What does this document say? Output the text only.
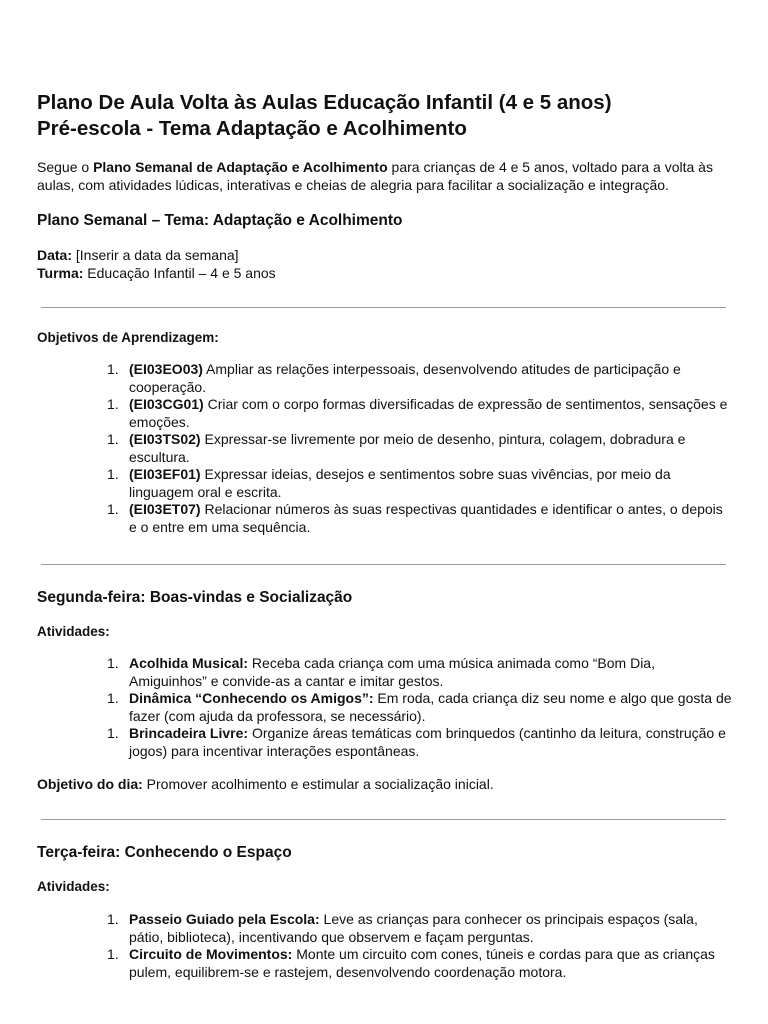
Plano De Aula Volta às Aulas Educação Infantil (4 e 5 anos)
Pré-escola - Tema Adaptação e Acolhimento

Segue o Plano Semanal de Adaptação e Acolhimento para crianças de 4 e 5 anos, voltado para a volta às aulas, com atividades lúdicas, interativas e cheias de alegria para facilitar a socialização e integração.

Plano Semanal – Tema: Adaptação e Acolhimento

Data: [Inserir a data da semana]

Turma: Educação Infantil – 4 e 5 anos

Objetivos de Aprendizagem:

1. (EI03EO03) Ampliar as relações interpessoais, desenvolvendo atitudes de participação e cooperação.
1. (EI03CG01) Criar com o corpo formas diversificadas de expressão de sentimentos, sensações e emoções.
1. (EI03TS02) Expressar-se livremente por meio de desenho, pintura, colagem, dobradura e escultura.
1. (EI03EF01) Expressar ideias, desejos e sentimentos sobre suas vivências, por meio da linguagem oral e escrita.
1. (EI03ET07) Relacionar números às suas respectivas quantidades e identificar o antes, o depois e o entre em uma sequência.
Segunda-feira: Boas-vindas e Socialização

Atividades:

1. Acolhida Musical: Receba cada criança com uma música animada como “Bom Dia, Amiguinhos” e convide-as a cantar e imitar gestos.
1. Dinâmica “Conhecendo os Amigos”: Em roda, cada criança diz seu nome e algo que gosta de fazer (com ajuda da professora, se necessário).
1. Brincadeira Livre: Organize áreas temáticas com brinquedos (cantinho da leitura, construção e jogos) para incentivar interações espontâneas.

Objetivo do dia: Promover acolhimento e estimular a socialização inicial.

Terça-feira: Conhecendo o Espaço

Atividades:

1. Passeio Guiado pela Escola: Leve as crianças para conhecer os principais espaços (sala, pátio, biblioteca), incentivando que observem e façam perguntas.
1. Circuito de Movimentos: Monte um circuito com cones, túneis e cordas para que as crianças pulem, equilibrem-se e rastejem, desenvolvendo coordenação motora.
